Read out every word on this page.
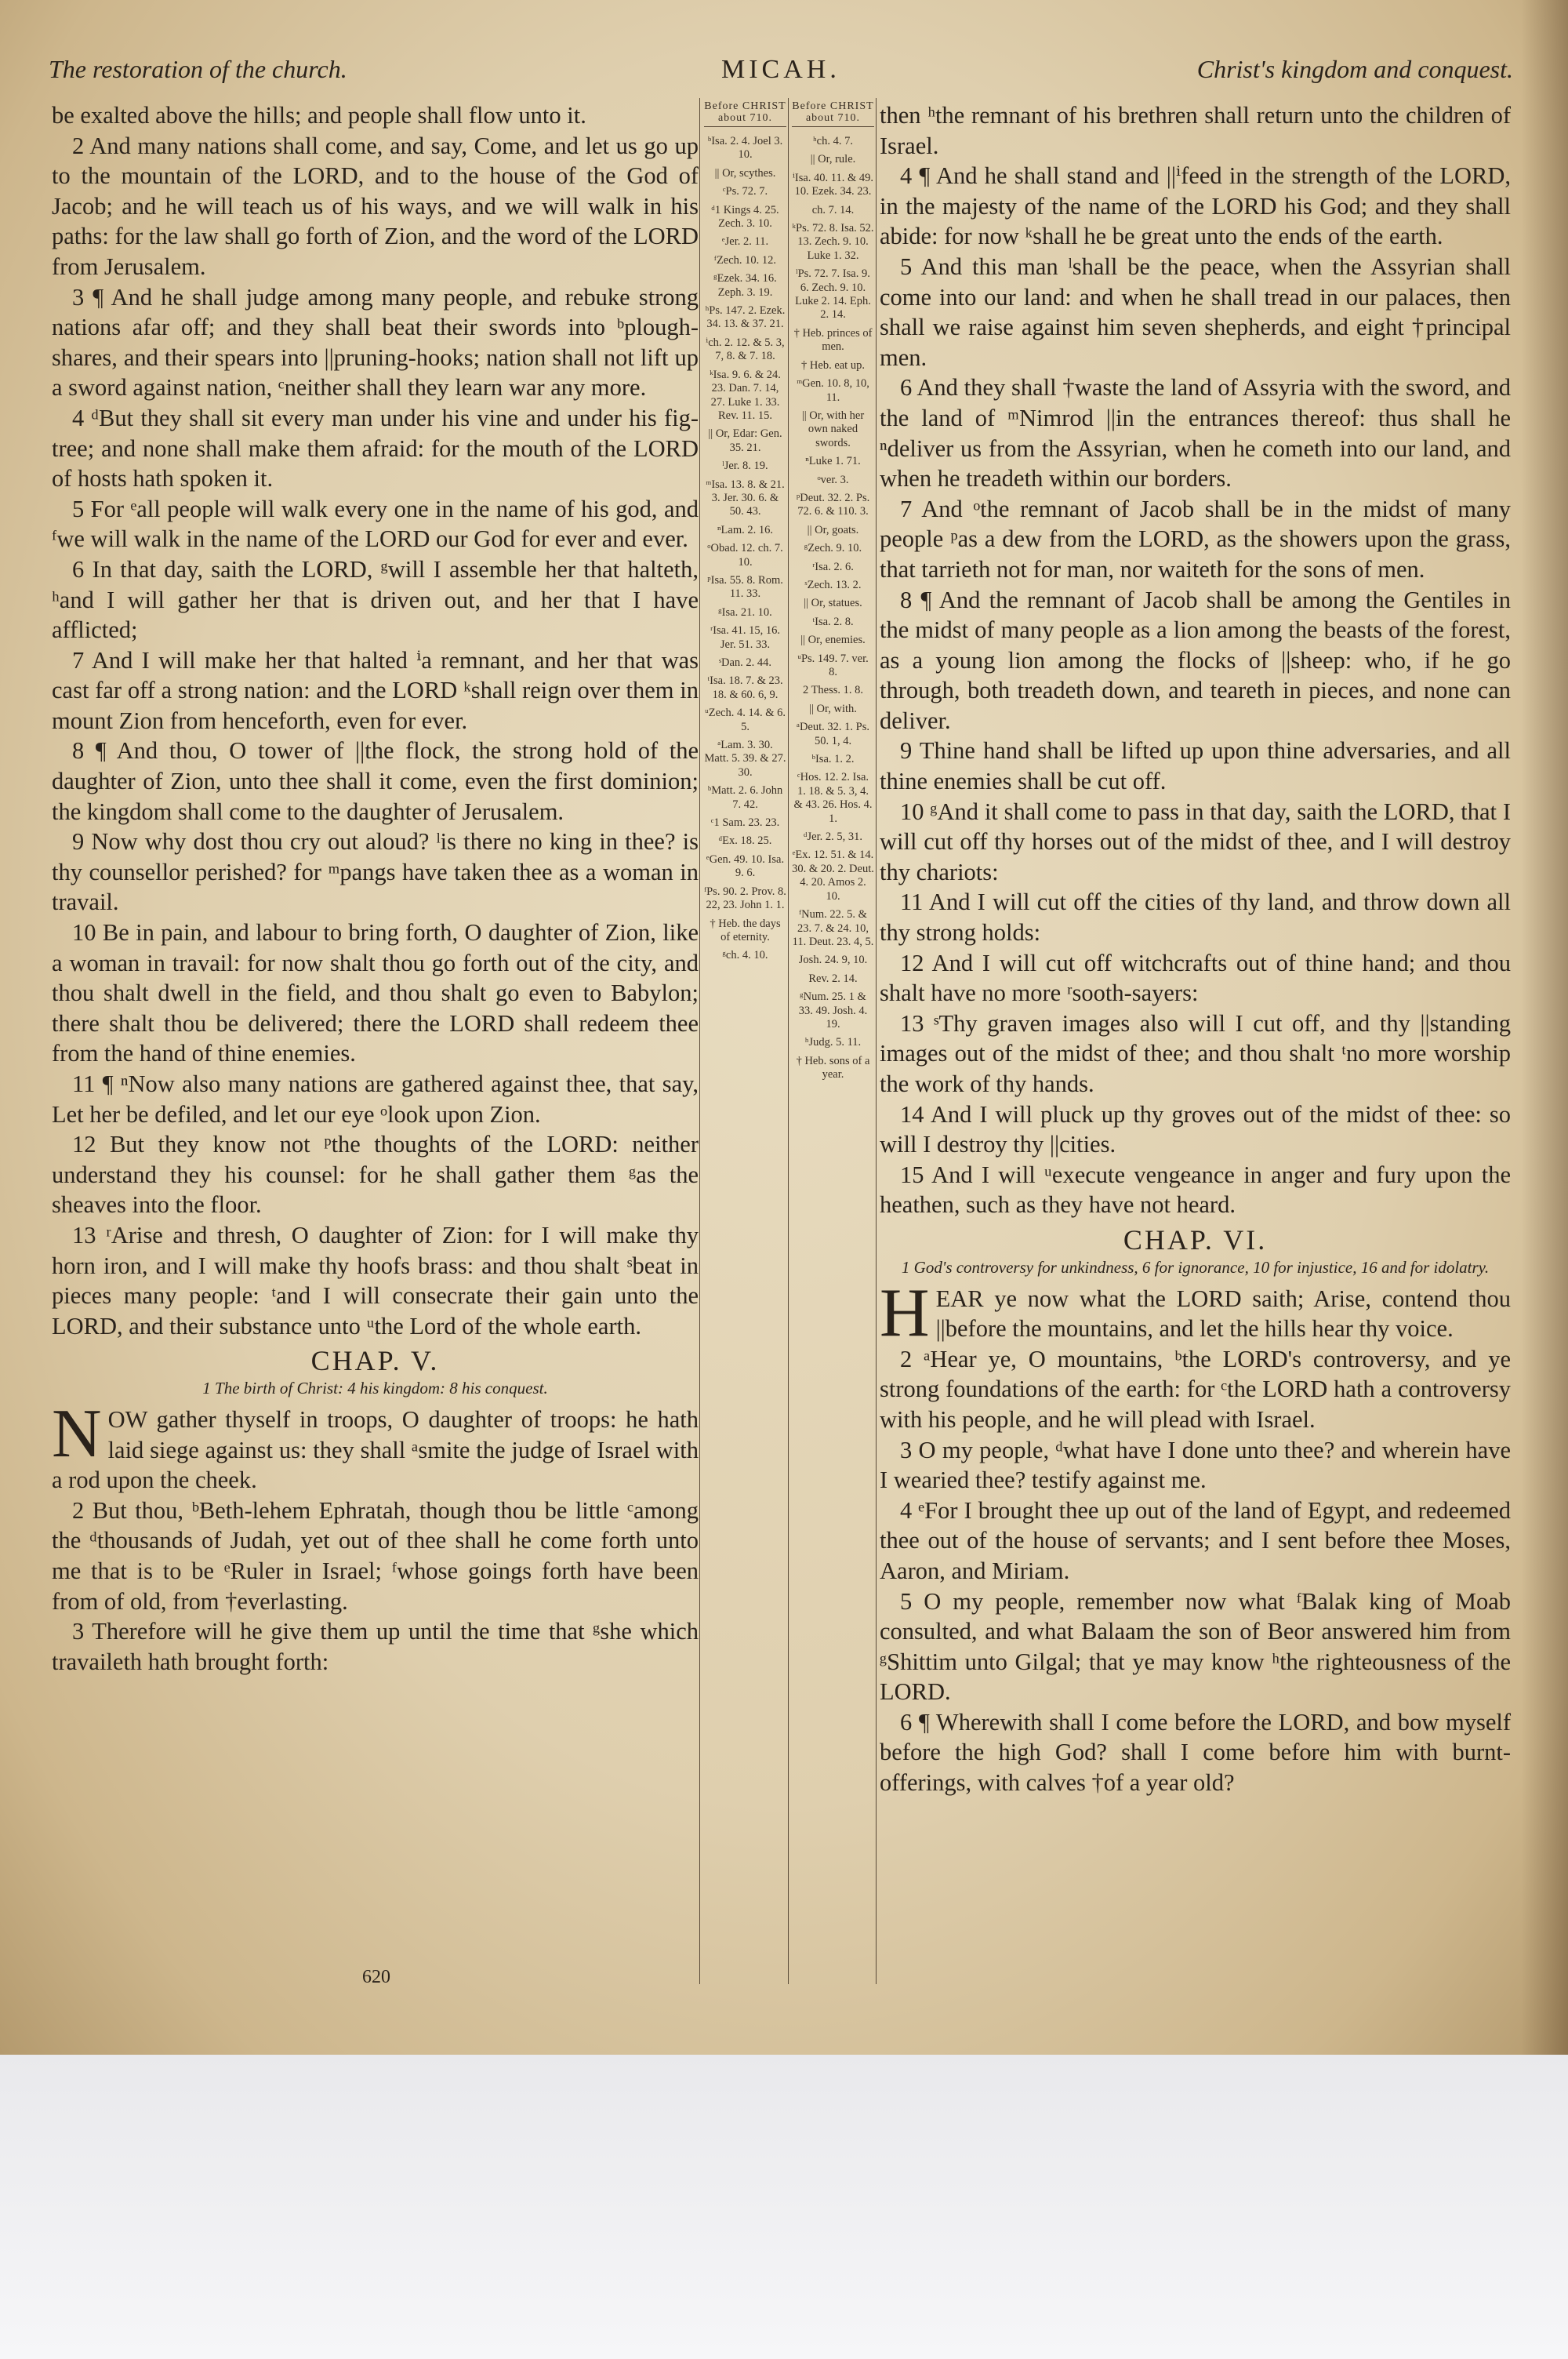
The restoration of the church.	MICAH.	Christ's kingdom and conquest.

be exalted above the hills; and people shall flow unto it.

2 And many nations shall come, and say, Come, and let us go up to the mountain of the LORD, and to the house of the God of Jacob; and he will teach us of his ways, and we will walk in his paths: for the law shall go forth of Zion, and the word of the LORD from Jerusalem.

3 ¶ And he shall judge among many people, and rebuke strong nations afar off; and they shall beat their swords into ᵇplough-shares, and their spears into ||pruning-hooks; nation shall not lift up a sword against nation, ᶜneither shall they learn war any more.

4 ᵈBut they shall sit every man under his vine and under his fig-tree; and none shall make them afraid: for the mouth of the LORD of hosts hath spoken it.

5 For ᵉall people will walk every one in the name of his god, and ᶠwe will walk in the name of the LORD our God for ever and ever.

6 In that day, saith the LORD, ᵍwill I assemble her that halteth, ʰand I will gather her that is driven out, and her that I have afflicted;

7 And I will make her that halted ⁱa remnant, and her that was cast far off a strong nation: and the LORD ᵏshall reign over them in mount Zion from henceforth, even for ever.

8 ¶ And thou, O tower of ||the flock, the strong hold of the daughter of Zion, unto thee shall it come, even the first dominion; the kingdom shall come to the daughter of Jerusalem.

9 Now why dost thou cry out aloud? ˡis there no king in thee? is thy counsellor perished? for ᵐpangs have taken thee as a woman in travail.

10 Be in pain, and labour to bring forth, O daughter of Zion, like a woman in travail: for now shalt thou go forth out of the city, and thou shalt dwell in the field, and thou shalt go even to Babylon; there shalt thou be delivered; there the LORD shall redeem thee from the hand of thine enemies.

11 ¶ ⁿNow also many nations are gathered against thee, that say, Let her be defiled, and let our eye ᵒlook upon Zion.

12 But they know not ᵖthe thoughts of the LORD: neither understand they his counsel: for he shall gather them ᵍas the sheaves into the floor.

13 ʳArise and thresh, O daughter of Zion: for I will make thy horn iron, and I will make thy hoofs brass: and thou shalt ˢbeat in pieces many people: ᵗand I will consecrate their gain unto the LORD, and their substance unto ᵘthe Lord of the whole earth.

CHAP. V.
1 The birth of Christ: 4 his kingdom: 8 his conquest.

NOW gather thyself in troops, O daughter of troops: he hath laid siege against us: they shall ᵃsmite the judge of Israel with a rod upon the cheek.

2 But thou, ᵇBeth-lehem Ephratah, though thou be little ᶜamong the ᵈthousands of Judah, yet out of thee shall he come forth unto me that is to be ᵉRuler in Israel; ᶠwhose goings forth have been from of old, from †everlasting.

3 Therefore will he give them up until the time that ᵍshe which travaileth hath brought forth:

Before CHRIST about 710.
ᵇIsa. 2. 4. Joel 3. 10.
|| Or, scythes.
ᶜPs. 72. 7.
ᵈ1 Kings 4. 25. Zech. 3. 10.
ᵉJer. 2. 11.
ᶠZech. 10. 12.
ᵍEzek. 34. 16. Zeph. 3. 19.
ʰPs. 147. 2. Ezek. 34. 13. & 37. 21.
ⁱch. 2. 12. & 5. 3, 7, 8. & 7. 18.
ᵏIsa. 9. 6. & 24. 23. Dan. 7. 14, 27. Luke 1. 33. Rev. 11. 15.
|| Or, Edar: Gen. 35. 21.
ˡJer. 8. 19.
ᵐIsa. 13. 8. & 21. 3. Jer. 30. 6. & 50. 43.
ⁿLam. 2. 16.
ᵒObad. 12. ch. 7. 10.
ᵖIsa. 55. 8. Rom. 11. 33.
ᵍIsa. 21. 10.
ʳIsa. 41. 15, 16. Jer. 51. 33.
ˢDan. 2. 44.
ᵗIsa. 18. 7. & 23. 18. & 60. 6, 9.
ᵘZech. 4. 14. & 6. 5.
ᵃLam. 3. 30. Matt. 5. 39. & 27. 30.
ᵇMatt. 2. 6. John 7. 42.
ᶜ1 Sam. 23. 23.
ᵈEx. 18. 25.
ᵉGen. 49. 10. Isa. 9. 6.
ᶠPs. 90. 2. Prov. 8. 22, 23. John 1. 1.
† Heb. the days of eternity.
ᵍch. 4. 10.
Before CHRIST about 710.
ʰch. 4. 7.
|| Or, rule.
ⁱIsa. 40. 11. & 49. 10. Ezek. 34. 23.
ch. 7. 14.
ᵏPs. 72. 8. Isa. 52. 13. Zech. 9. 10. Luke 1. 32.
ˡPs. 72. 7. Isa. 9. 6. Zech. 9. 10. Luke 2. 14. Eph. 2. 14.
† Heb. princes of men.
† Heb. eat up.
ᵐGen. 10. 8, 10, 11.
|| Or, with her own naked swords.
ⁿLuke 1. 71.
ᵒver. 3.
ᵖDeut. 32. 2. Ps. 72. 6. & 110. 3.
|| Or, goats.
ᵍZech. 9. 10.
ʳIsa. 2. 6.
ˢZech. 13. 2.
|| Or, statues.
ᵗIsa. 2. 8.
|| Or, enemies.
ᵘPs. 149. 7. ver. 8.
2 Thess. 1. 8.
|| Or, with.
ᵃDeut. 32. 1. Ps. 50. 1, 4.
ᵇIsa. 1. 2.
ᶜHos. 12. 2. Isa. 1. 18. & 5. 3, 4. & 43. 26. Hos. 4. 1.
ᵈJer. 2. 5, 31.
ᵉEx. 12. 51. & 14. 30. & 20. 2. Deut. 4. 20. Amos 2. 10.
ᶠNum. 22. 5. & 23. 7. & 24. 10, 11. Deut. 23. 4, 5.
Josh. 24. 9, 10.
Rev. 2. 14.
ᵍNum. 25. 1 & 33. 49. Josh. 4. 19.
ʰJudg. 5. 11.
† Heb. sons of a year.

then ʰthe remnant of his brethren shall return unto the children of Israel.

4 ¶ And he shall stand and ||ⁱfeed in the strength of the LORD, in the majesty of the name of the LORD his God; and they shall abide: for now ᵏshall he be great unto the ends of the earth.

5 And this man ˡshall be the peace, when the Assyrian shall come into our land: and when he shall tread in our palaces, then shall we raise against him seven shepherds, and eight †principal men.

6 And they shall †waste the land of Assyria with the sword, and the land of ᵐNimrod ||in the entrances thereof: thus shall he ⁿdeliver us from the Assyrian, when he cometh into our land, and when he treadeth within our borders.

7 And ᵒthe remnant of Jacob shall be in the midst of many people ᵖas a dew from the LORD, as the showers upon the grass, that tarrieth not for man, nor waiteth for the sons of men.

8 ¶ And the remnant of Jacob shall be among the Gentiles in the midst of many people as a lion among the beasts of the forest, as a young lion among the flocks of ||sheep: who, if he go through, both treadeth down, and teareth in pieces, and none can deliver.

9 Thine hand shall be lifted up upon thine adversaries, and all thine enemies shall be cut off.

10 ᵍAnd it shall come to pass in that day, saith the LORD, that I will cut off thy horses out of the midst of thee, and I will destroy thy chariots:

11 And I will cut off the cities of thy land, and throw down all thy strong holds:

12 And I will cut off witchcrafts out of thine hand; and thou shalt have no more ʳsooth-sayers:

13 ˢThy graven images also will I cut off, and thy ||standing images out of the midst of thee; and thou shalt ᵗno more worship the work of thy hands.

14 And I will pluck up thy groves out of the midst of thee: so will I destroy thy ||cities.

15 And I will ᵘexecute vengeance in anger and fury upon the heathen, such as they have not heard.

CHAP. VI.
1 God's controversy for unkindness, 6 for ignorance, 10 for injustice, 16 and for idolatry.

HEAR ye now what the LORD saith; Arise, contend thou ||before the mountains, and let the hills hear thy voice.

2 ᵃHear ye, O mountains, ᵇthe LORD's controversy, and ye strong foundations of the earth: for ᶜthe LORD hath a controversy with his people, and he will plead with Israel.

3 O my people, ᵈwhat have I done unto thee? and wherein have I wearied thee? testify against me.

4 ᵉFor I brought thee up out of the land of Egypt, and redeemed thee out of the house of servants; and I sent before thee Moses, Aaron, and Miriam.

5 O my people, remember now what ᶠBalak king of Moab consulted, and what Balaam the son of Beor answered him from ᵍShittim unto Gilgal; that ye may know ʰthe righteousness of the LORD.

6 ¶ Wherewith shall I come before the LORD, and bow myself before the high God? shall I come before him with burnt-offerings, with calves †of a year old?

620
